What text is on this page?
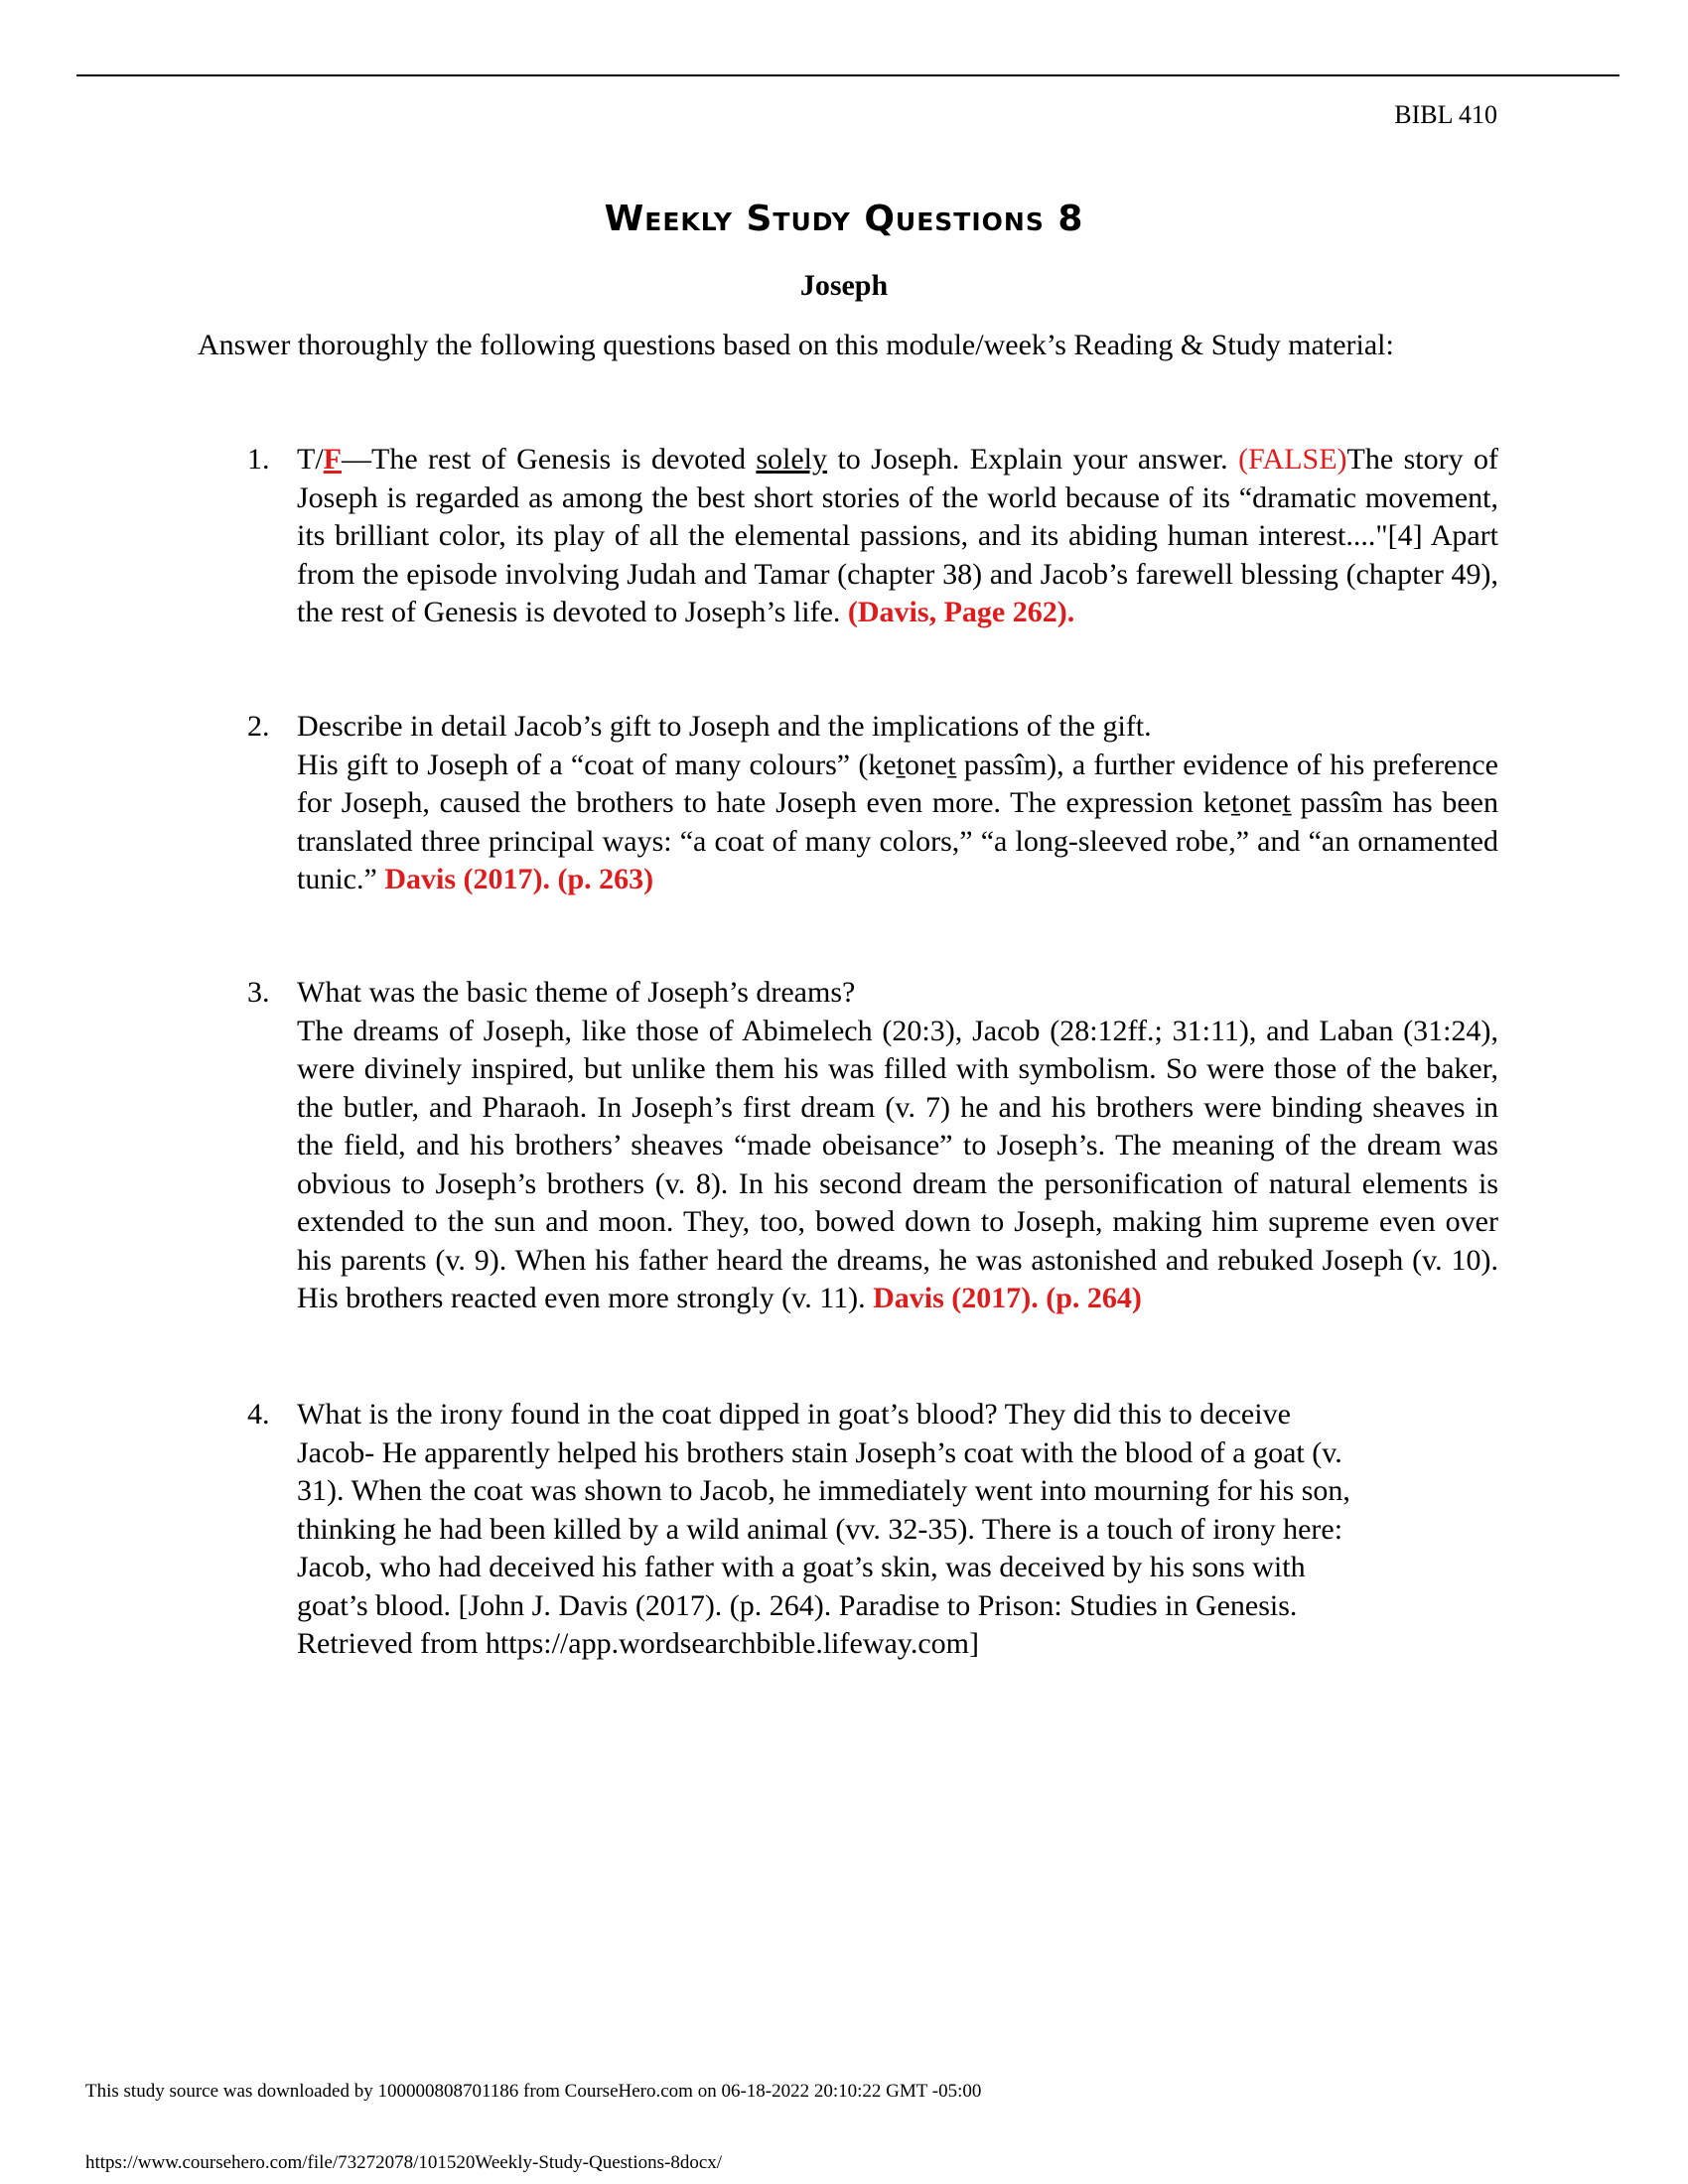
BIBL 410
Weekly Study Questions 8
Joseph
Answer thoroughly the following questions based on this module/week’s Reading & Study material:
1. T/F—The rest of Genesis is devoted solely to Joseph. Explain your answer. (FALSE)The story of Joseph is regarded as among the best short stories of the world because of its “dramatic movement, its brilliant color, its play of all the elemental passions, and its abiding human interest...."[4] Apart from the episode involving Judah and Tamar (chapter 38) and Jacob’s farewell blessing (chapter 49), the rest of Genesis is devoted to Joseph’s life. (Davis, Page 262).
2. Describe in detail Jacob’s gift to Joseph and the implications of the gift.
His gift to Joseph of a “coat of many colours” (keṯoneṯ passîm), a further evidence of his preference for Joseph, caused the brothers to hate Joseph even more. The expression keṯoneṯ passîm has been translated three principal ways: “a coat of many colors,” “a long-sleeved robe,” and “an ornamented tunic.” Davis (2017). (p. 263)
3. What was the basic theme of Joseph’s dreams?
The dreams of Joseph, like those of Abimelech (20:3), Jacob (28:12ff.; 31:11), and Laban (31:24), were divinely inspired, but unlike them his was filled with symbolism. So were those of the baker, the butler, and Pharaoh. In Joseph’s first dream (v. 7) he and his brothers were binding sheaves in the field, and his brothers’ sheaves “made obeisance” to Joseph’s. The meaning of the dream was obvious to Joseph’s brothers (v. 8). In his second dream the personification of natural elements is extended to the sun and moon. They, too, bowed down to Joseph, making him supreme even over his parents (v. 9). When his father heard the dreams, he was astonished and rebuked Joseph (v. 10). His brothers reacted even more strongly (v. 11). Davis (2017). (p. 264)
4. What is the irony found in the coat dipped in goat’s blood? They did this to deceive
Jacob- He apparently helped his brothers stain Joseph’s coat with the blood of a goat (v.
31). When the coat was shown to Jacob, he immediately went into mourning for his son,
thinking he had been killed by a wild animal (vv. 32-35). There is a touch of irony here:
Jacob, who had deceived his father with a goat’s skin, was deceived by his sons with
goat’s blood. [John J. Davis (2017). (p. 264). Paradise to Prison: Studies in Genesis.
Retrieved from https://app.wordsearchbible.lifeway.com]
This study source was downloaded by 100000808701186 from CourseHero.com on 06-18-2022 20:10:22 GMT -05:00
https://www.coursehero.com/file/73272078/101520Weekly-Study-Questions-8docx/
